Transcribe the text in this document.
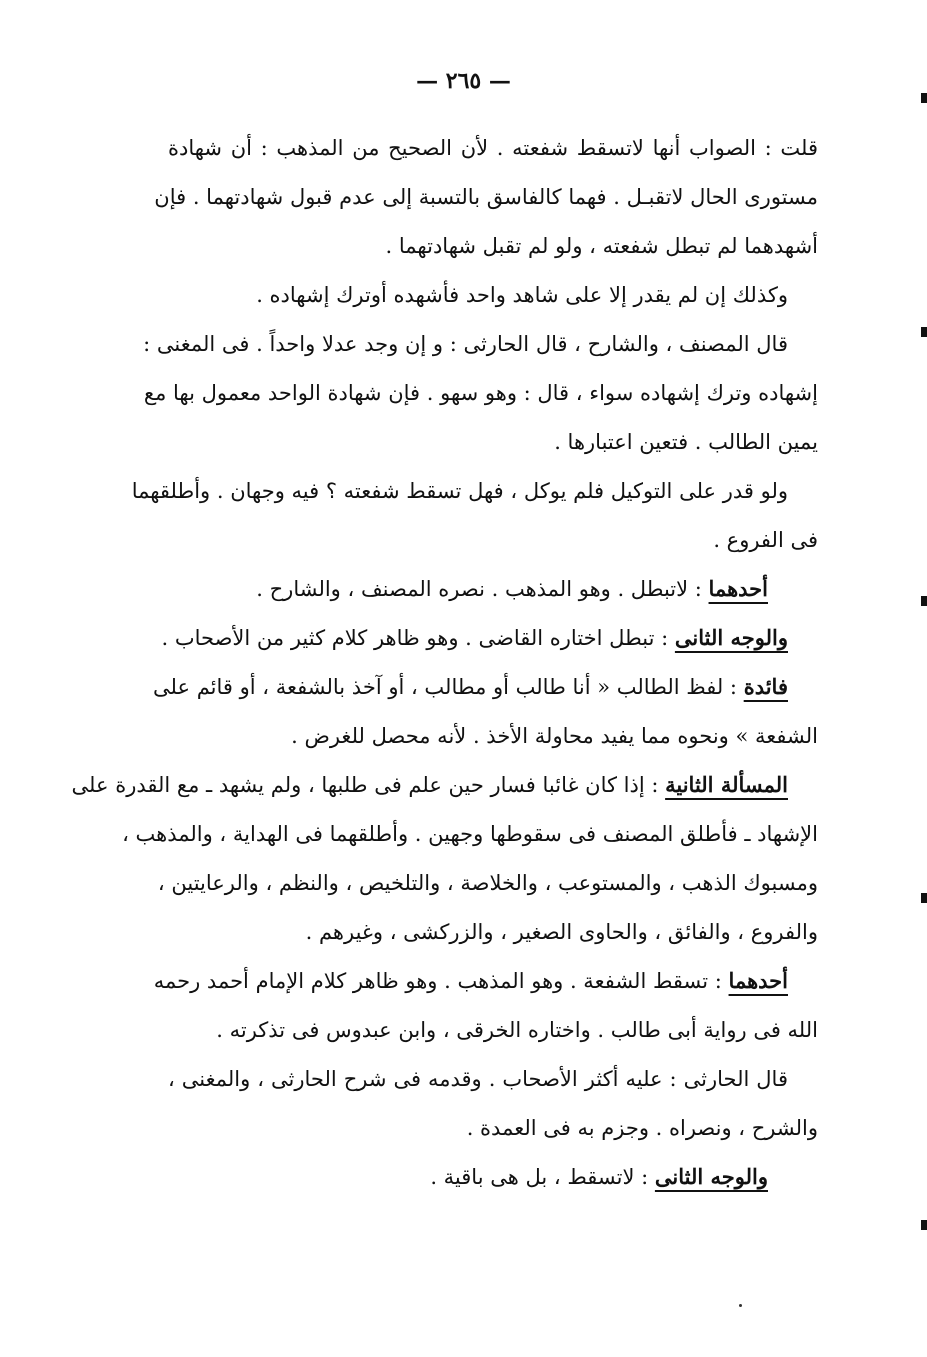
— ٢٦٥ —
قلت : الصواب أنها لاتسقط شفعته . لأن الصحيح من المذهب : أن شهادة
مستورى الحال لاتقبـل . فهما كالفاسق بالتسبة إلى عدم قبول شهادتهما . فإن
أشهدهما لم تبطل شفعته ، ولو لم تقبل شهادتهما .
وكذلك إن لم يقدر إلا على شاهد واحد فأشهده أوترك إشهاده .
قال المصنف ، والشارح ، قال الحارثى : و إن وجد عدلا واحداً . فى المغنى :
إشهاده وترك إشهاده سواء ، قال : وهو سهو . فإن شهادة الواحد معمول بها مع
يمين الطالب . فتعين اعتبارها .
ولو قدر على التوكيل فلم يوكل ، فهل تسقط شفعته ؟ فيه وجهان . وأطلقهما
فى الفروع .
أحدهما : لاتبطل . وهو المذهب . نصره المصنف ، والشارح .
والوجه الثانى : تبطل اختاره القاضى . وهو ظاهر كلام كثير من الأصحاب .
فائدة : لفظ الطالب « أنا طالب أو مطالب ، أو آخذ بالشفعة ، أو قائم على
الشفعة » ونحوه مما يفيد محاولة الأخذ . لأنه محصل للغرض .
المسألة الثانية : إذا كان غائبا فسار حين علم فى طلبها ، ولم يشهد ـ مع القدرة على
الإشهاد ـ فأطلق المصنف فى سقوطها وجهين . وأطلقهما فى الهداية ، والمذهب ،
ومسبوك الذهب ، والمستوعب ، والخلاصة ، والتلخيص ، والنظم ، والرعايتين ،
والفروع ، والفائق ، والحاوى الصغير ، والزركشى ، وغيرهم .
أحدهما : تسقط الشفعة . وهو المذهب . وهو ظاهر كلام الإمام أحمد رحمه
الله فى رواية أبى طالب . واختاره الخرقى ، وابن عبدوس فى تذكرته .
قال الحارثى : عليه أكثر الأصحاب . وقدمه فى شرح الحارثى ، والمغنى ،
والشرح ، ونصراه . وجزم به فى العمدة .
والوجه الثانى : لاتسقط ، بل هى باقية .
